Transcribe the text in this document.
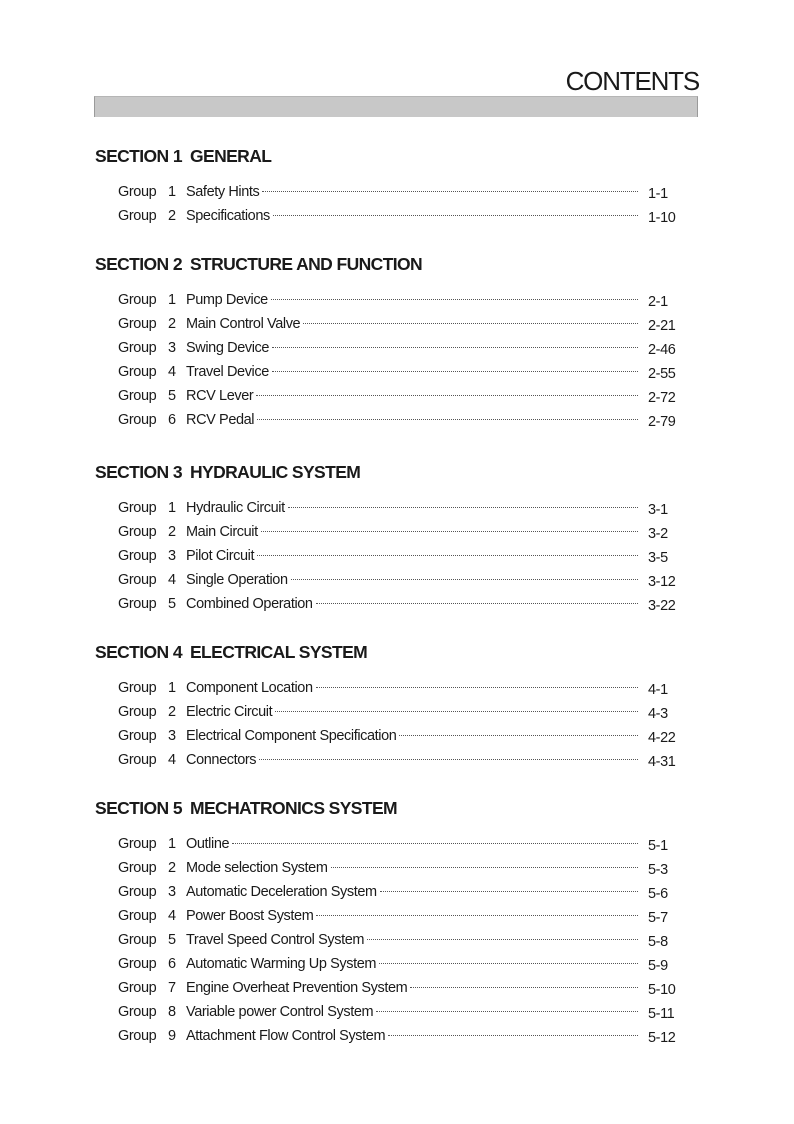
CONTENTS
SECTION 1 GENERAL
Group 1 Safety Hints	1-1
Group 2 Specifications	1-10
SECTION 2 STRUCTURE AND FUNCTION
Group 1 Pump Device	2-1
Group 2 Main Control Valve	2-21
Group 3 Swing Device	2-46
Group 4 Travel Device	2-55
Group 5 RCV Lever	2-72
Group 6 RCV Pedal	2-79
SECTION 3 HYDRAULIC SYSTEM
Group 1 Hydraulic Circuit	3-1
Group 2 Main Circuit	3-2
Group 3 Pilot Circuit	3-5
Group 4 Single Operation	3-12
Group 5 Combined Operation	3-22
SECTION 4 ELECTRICAL SYSTEM
Group 1 Component Location	4-1
Group 2 Electric Circuit	4-3
Group 3 Electrical Component Specification	4-22
Group 4 Connectors	4-31
SECTION 5 MECHATRONICS SYSTEM
Group 1 Outline	5-1
Group 2 Mode selection System	5-3
Group 3 Automatic Deceleration System	5-6
Group 4 Power Boost System	5-7
Group 5 Travel Speed Control System	5-8
Group 6 Automatic Warming Up System	5-9
Group 7 Engine Overheat Prevention System	5-10
Group 8 Variable power Control System	5-11
Group 9 Attachment Flow Control System	5-12
